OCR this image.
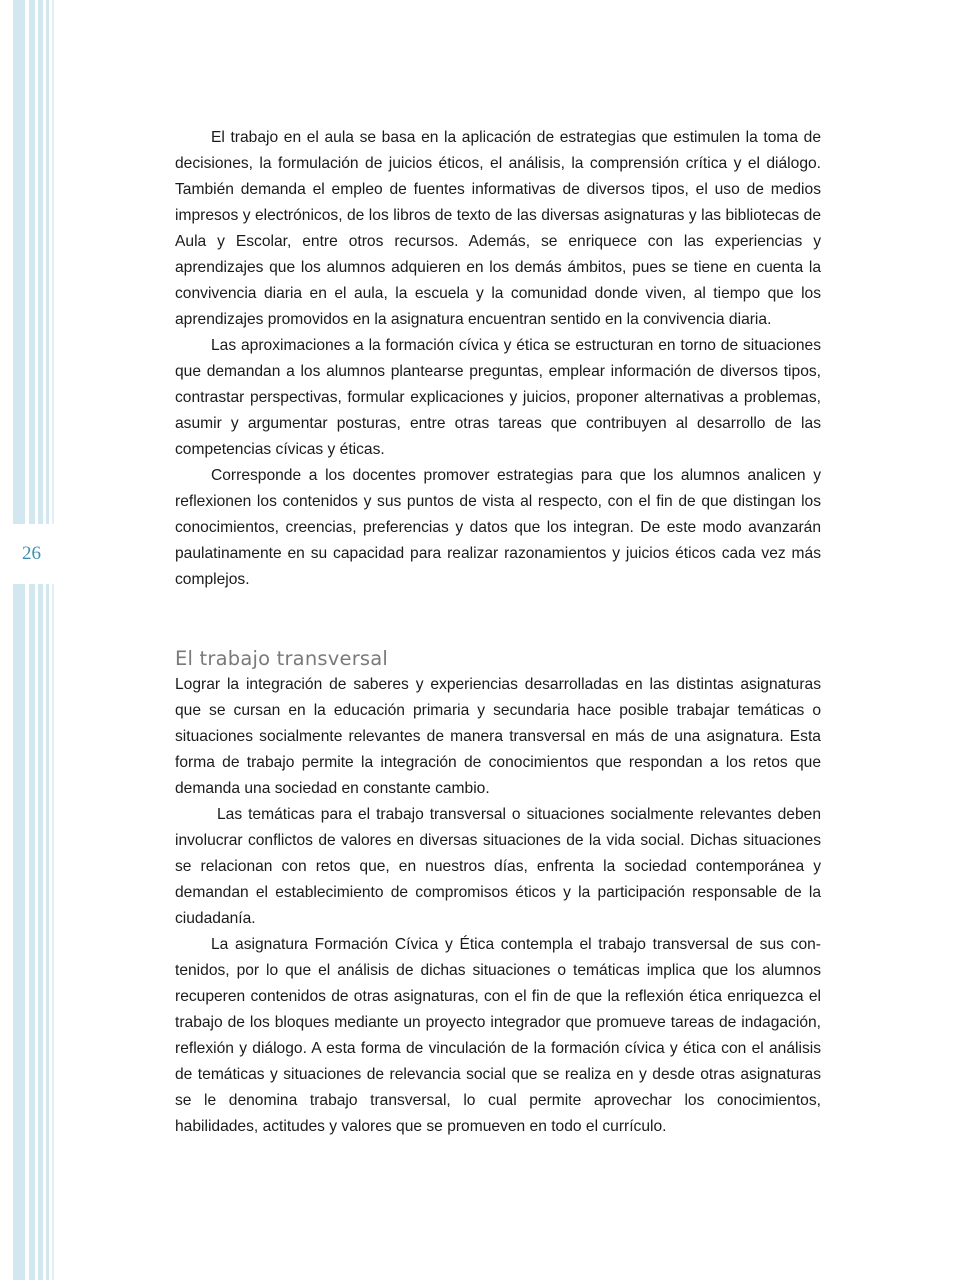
26

El trabajo en el aula se basa en la aplicación de estrategias que estimulen la toma de decisiones, la formulación de juicios éticos, el análisis, la comprensión crítica y el diálogo. También demanda el empleo de fuentes informativas de diversos tipos, el uso de medios impresos y electrónicos, de los libros de texto de las diversas asignaturas y las bibliotecas de Aula y Escolar, entre otros recursos. Además, se enriquece con las experiencias y aprendizajes que los alumnos adquieren en los demás ámbitos, pues se tiene en cuenta la convivencia diaria en el aula, la escuela y la comunidad donde viven, al tiempo que los aprendizajes promovidos en la asignatura encuentran sentido en la convivencia diaria.

Las aproximaciones a la formación cívica y ética se estructuran en torno de situaciones que demandan a los alumnos plantearse preguntas, emplear información de diversos tipos, contrastar perspectivas, formular explicaciones y juicios, proponer alternativas a problemas, asumir y argumentar posturas, entre otras tareas que contribuyen al desarrollo de las competencias cívicas y éticas.

Corresponde a los docentes promover estrategias para que los alumnos analicen y reflexionen los contenidos y sus puntos de vista al respecto, con el fin de que distingan los conocimientos, creencias, preferencias y datos que los integran. De este modo avanzarán paulatinamente en su capacidad para realizar razonamientos y juicios éticos cada vez más complejos.

El trabajo transversal

Lograr la integración de saberes y experiencias desarrolladas en las distintas asignaturas que se cursan en la educación primaria y secundaria hace posible trabajar temáticas o situaciones socialmente relevantes de manera transversal en más de una asignatura. Esta forma de trabajo permite la integración de conocimientos que respondan a los retos que demanda una sociedad en constante cambio.

Las temáticas para el trabajo transversal o situaciones socialmente relevantes deben involucrar conflictos de valores en diversas situaciones de la vida social. Dichas situaciones se relacionan con retos que, en nuestros días, enfrenta la sociedad contemporánea y demandan el establecimiento de compromisos éticos y la participación responsable de la ciudadanía.

La asignatura Formación Cívica y Ética contempla el trabajo transversal de sus contenidos, por lo que el análisis de dichas situaciones o temáticas implica que los alumnos recuperen contenidos de otras asignaturas, con el fin de que la reflexión ética enriquezca el trabajo de los bloques mediante un proyecto integrador que promueve tareas de indagación, reflexión y diálogo. A esta forma de vinculación de la formación cívica y ética con el análisis de temáticas y situaciones de relevancia social que se realiza en y desde otras asignaturas se le denomina trabajo transversal, lo cual permite aprovechar los conocimientos, habilidades, actitudes y valores que se promueven en todo el currículo.
